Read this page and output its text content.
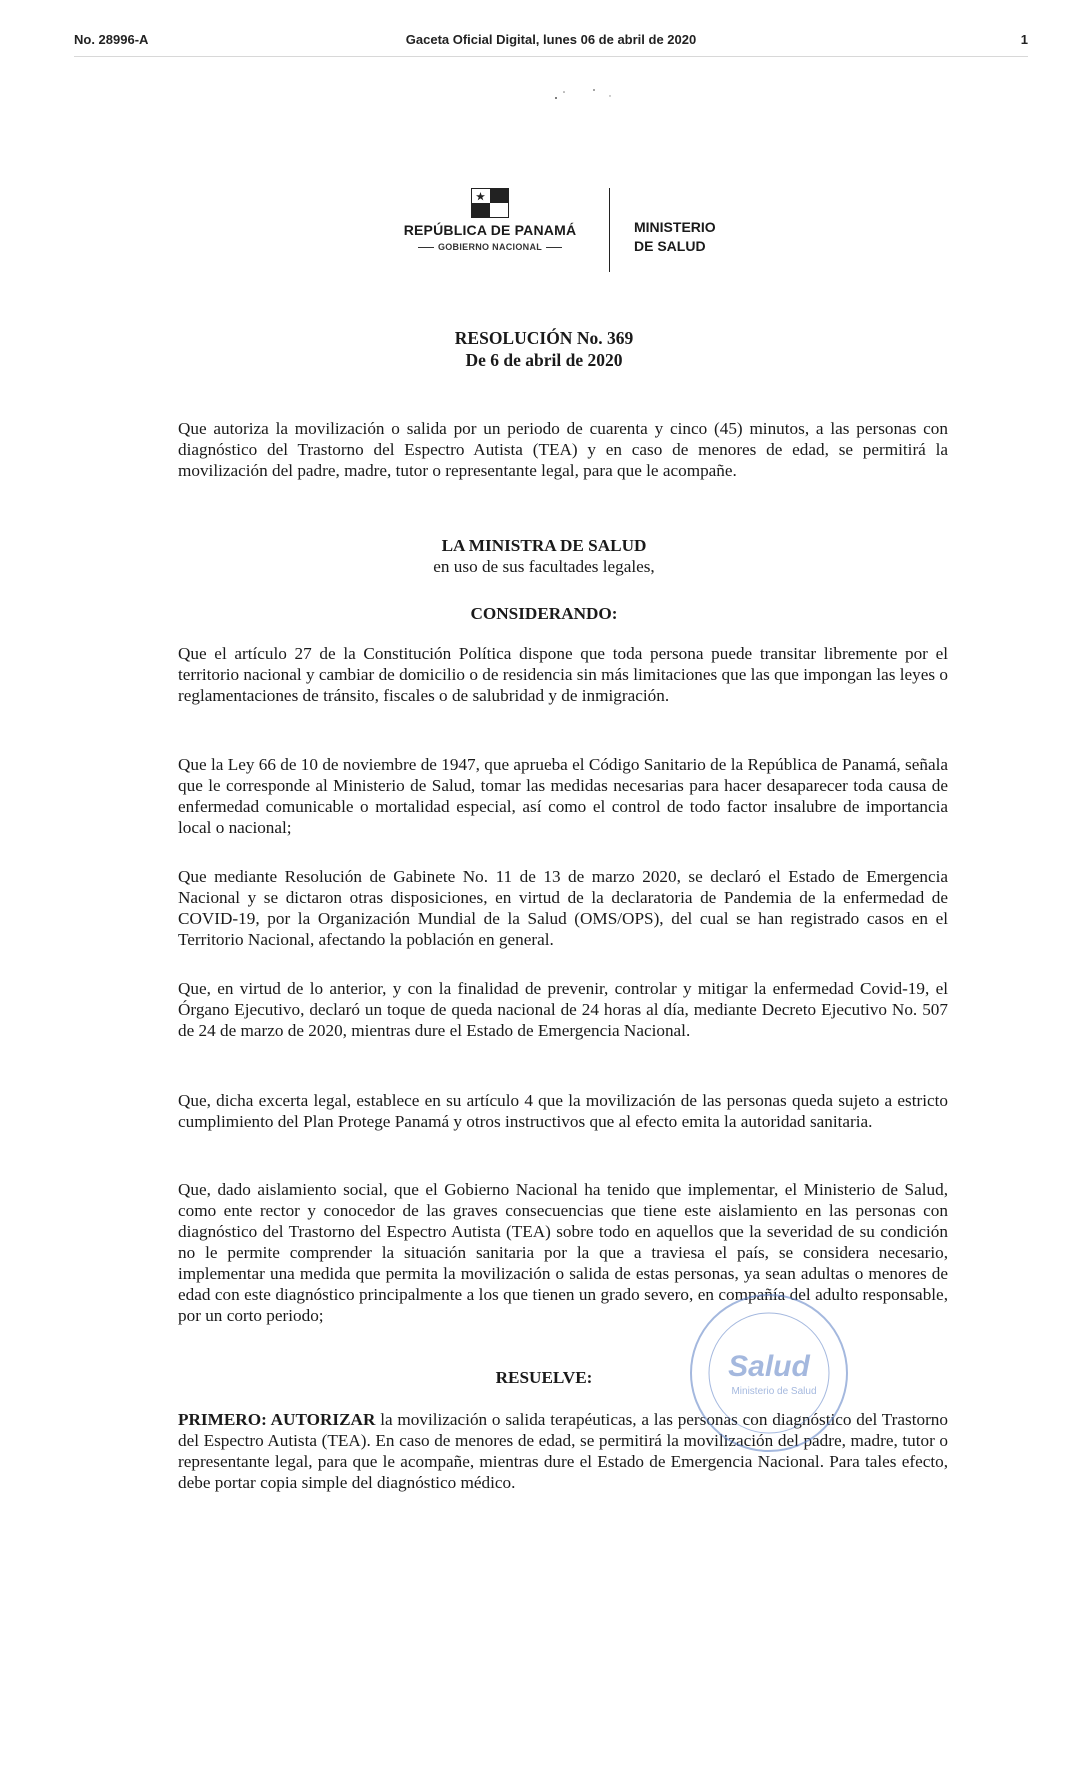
No. 28996-A	Gaceta Oficial Digital, lunes 06 de abril de 2020	1
REPÚBLICA DE PANAMÁ
GOBIERNO NACIONAL
MINISTERIO
DE SALUD
RESOLUCIÓN No. 369
De 6 de abril de 2020

Que autoriza la movilización o salida por un periodo de cuarenta y cinco (45) minutos, a las personas con diagnóstico del Trastorno del Espectro Autista (TEA) y en caso de menores de edad, se permitirá la movilización del padre, madre, tutor o representante legal, para que le acompañe.

LA MINISTRA DE SALUD
en uso de sus facultades legales,
CONSIDERANDO:

Que el artículo 27 de la Constitución Política dispone que toda persona puede transitar libremente por el territorio nacional y cambiar de domicilio o de residencia sin más limitaciones que las que impongan las leyes o reglamentaciones de tránsito, fiscales o de salubridad y de inmigración.

Que la Ley 66 de 10 de noviembre de 1947, que aprueba el Código Sanitario de la República de Panamá, señala que le corresponde al Ministerio de Salud, tomar las medidas necesarias para hacer desaparecer toda causa de enfermedad comunicable o mortalidad especial, así como el control de todo factor insalubre de importancia local o nacional;

Que mediante Resolución de Gabinete No. 11 de 13 de marzo 2020, se declaró el Estado de Emergencia Nacional y se dictaron otras disposiciones, en virtud de la declaratoria de Pandemia de la enfermedad de COVID-19, por la Organización Mundial de la Salud (OMS/OPS), del cual se han registrado casos en el Territorio Nacional, afectando la población en general.

Que, en virtud de lo anterior, y con la finalidad de prevenir, controlar y mitigar la enfermedad Covid-19, el Órgano Ejecutivo, declaró un toque de queda nacional de 24 horas al día, mediante Decreto Ejecutivo No. 507 de 24 de marzo de 2020, mientras dure el Estado de Emergencia Nacional.

Que, dicha excerta legal, establece en su artículo 4 que la movilización de las personas queda sujeto a estricto cumplimiento del Plan Protege Panamá y otros instructivos que al efecto emita la autoridad sanitaria.

Que, dado aislamiento social, que el Gobierno Nacional ha tenido que implementar, el Ministerio de Salud, como ente rector y conocedor de las graves consecuencias que tiene este aislamiento en las personas con diagnóstico del Trastorno del Espectro Autista (TEA) sobre todo en aquellos que la severidad de su condición no le permite comprender la situación sanitaria por la que a traviesa el país, se considera necesario, implementar una medida que permita la movilización o salida de estas personas, ya sean adultas o menores de edad con este diagnóstico principalmente a los que tienen un grado severo, en compañía del adulto responsable, por un corto periodo;

RESUELVE:

PRIMERO: AUTORIZAR la movilización o salida terapéuticas, a las personas con diagnóstico del Trastorno del Espectro Autista (TEA). En caso de menores de edad, se permitirá la movilización del padre, madre, tutor o representante legal, para que le acompañe, mientras dure el Estado de Emergencia Nacional. Para tales efecto, debe portar copia simple del diagnóstico médico.

Salud
Ministerio de Salud
